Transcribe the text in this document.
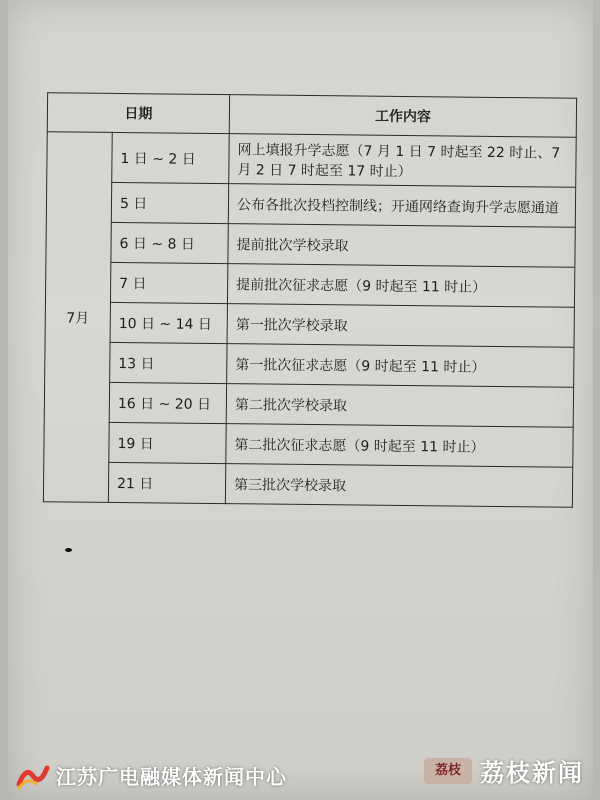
日期		工作内容
7月	1 日 ~ 2 日	网上填报升学志愿（7 月 1 日 7 时起至 22 时止、7 月 2 日 7 时起至 17 时止）
	5 日	公布各批次投档控制线；开通网络查询升学志愿通道
	6 日 ~ 8 日	提前批次学校录取
	7 日	提前批次征求志愿（9 时起至 11 时止）
	10 日 ~ 14 日	第一批次学校录取
	13 日	第一批次征求志愿（9 时起至 11 时止）
	16 日 ~ 20 日	第二批次学校录取
	19 日	第二批次征求志愿（9 时起至 11 时止）
	21 日	第三批次学校录取
江苏广电融媒体新闻中心	荔枝 荔枝新闻
